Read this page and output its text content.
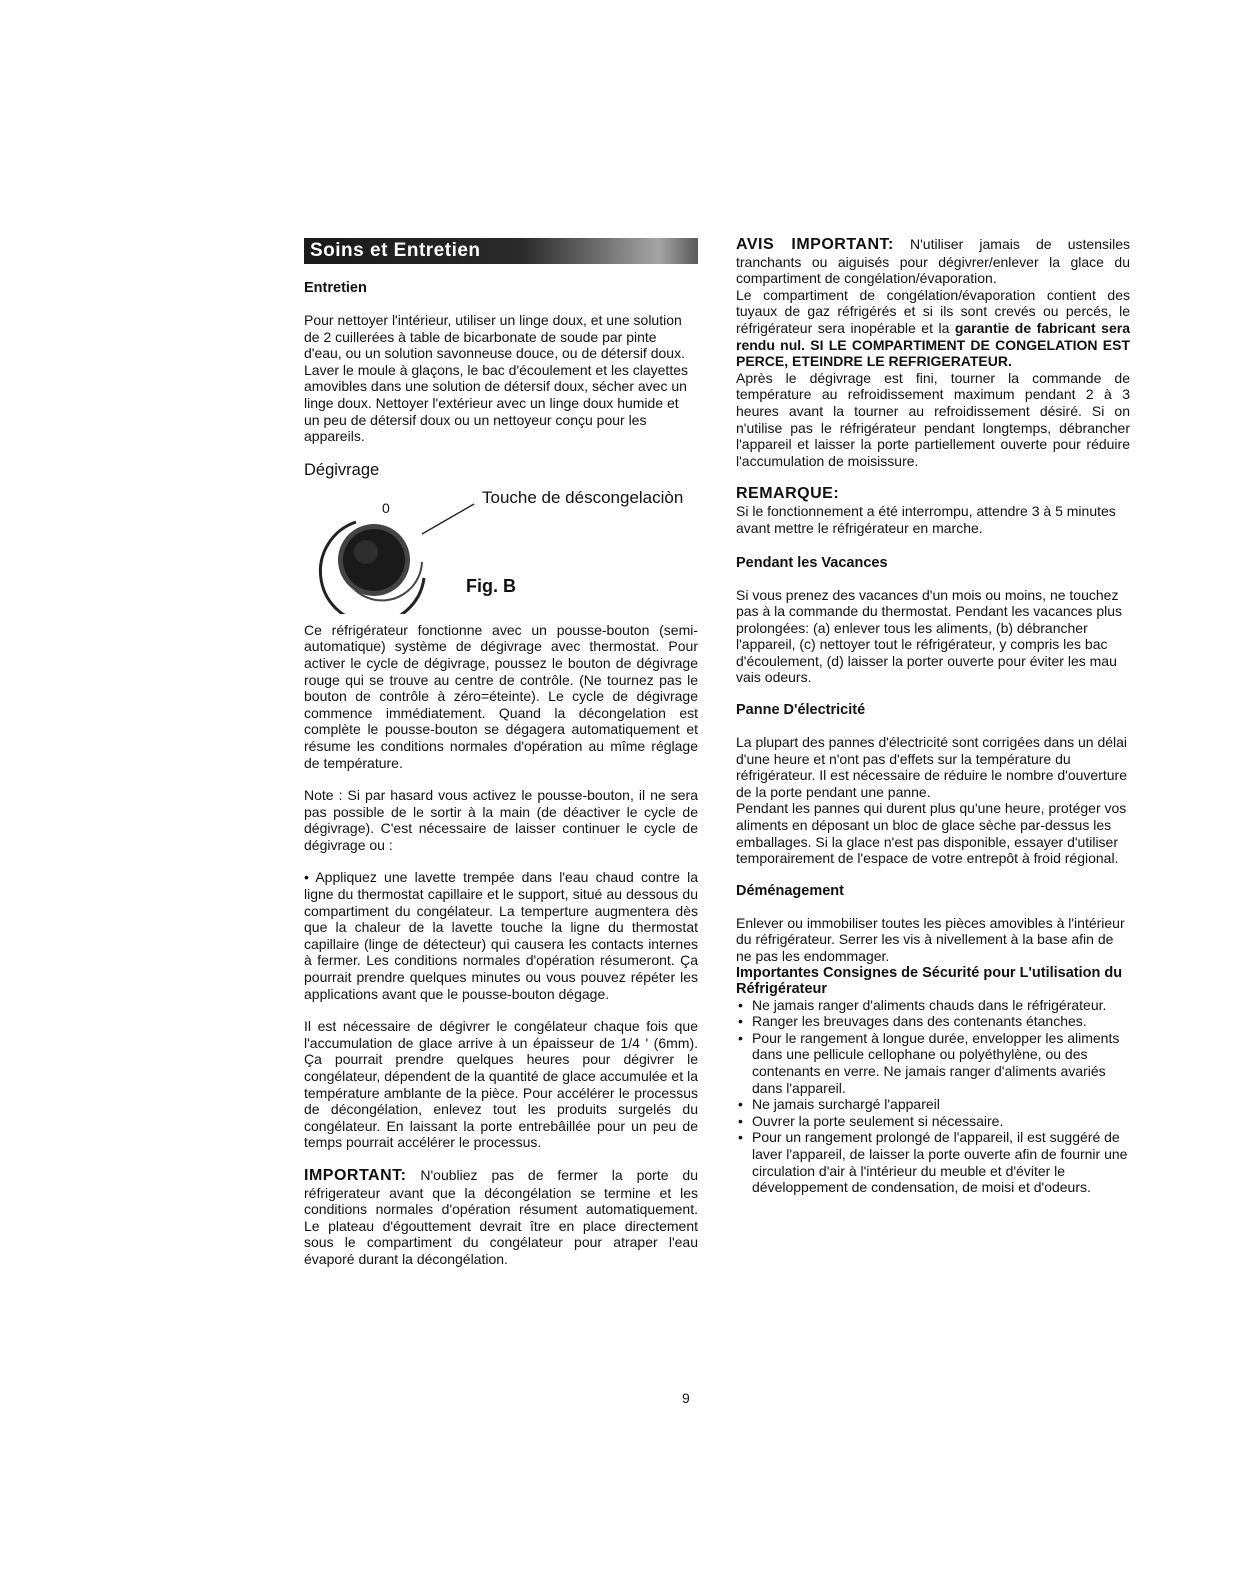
Soins et Entretien
Entretien

Pour nettoyer l'intérieur, utiliser un linge doux, et une solution de 2 cuillerées à table de bicarbonate de soude par pinte d'eau, ou un solution savonneuse douce, ou de détersif doux. Laver le moule à glaçons, le bac d'écoulement et les clayettes amovibles dans une solution de détersif doux, sécher avec un linge doux. Nettoyer l'extérieur avec un linge doux humide et un peu de détersif doux ou un nettoyeur conçu pour les appareils.

Dégivrage
0
Touche de déscongelaciòn
Fig. B

Ce réfrigérateur fonctionne avec un pousse-bouton (semi-automatique) système de dégivrage avec thermostat. Pour activer le cycle de dégivrage, poussez le bouton de dégivrage rouge qui se trouve au centre de contrôle. (Ne tournez pas le bouton de contrôle à zéro=éteinte). Le cycle de dégivrage commence immédiatement. Quand la décongelation est complète le pousse-bouton se dégagera automatiquement et résume les conditions normales d'opération au mîme réglage de température.

Note : Si par hasard vous activez le pousse-bouton, il ne sera pas possible de le sortir à la main (de déactiver le cycle de dégivrage). C'est nécessaire de laisser continuer le cycle de dégivrage ou :

• Appliquez une lavette trempée dans l'eau chaud contre la ligne du thermostat capillaire et le support, situé au dessous du compartiment du congélateur. La temperture augmentera dès que la chaleur de la lavette touche la ligne du thermostat capillaire (linge de détecteur) qui causera les contacts internes à fermer. Les conditions normales d'opération résumeront. Ça pourrait prendre quelques minutes ou vous pouvez répéter les applications avant que le pousse-bouton dégage.

Il est nécessaire de dégivrer le congélateur chaque fois que l'accumulation de glace arrive à un épaisseur de 1/4 ' (6mm). Ça pourrait prendre quelques heures pour dégivrer le congélateur, dépendent de la quantité de glace accumulée et la température amblante de la pièce. Pour accélérer le processus de décongélation, enlevez tout les produits surgelés du congélateur. En laissant la porte entrebâillée pour un peu de temps pourrait accélérer le processus.

IMPORTANT: N'oubliez pas de fermer la porte du réfrigerateur avant que la décongélation se termine et les conditions normales d'opération résument automatiquement. Le plateau d'égouttement devrait ître en place directement sous le compartiment du congélateur pour atraper l'eau évaporé durant la décongélation.

AVIS IMPORTANT: N'utiliser jamais de ustensiles tranchants ou aiguisés pour dégivrer/enlever la glace du compartiment de congélation/évaporation.

Le compartiment de congélation/évaporation contient des tuyaux de gaz réfrigérés et si ils sont crevés ou percés, le réfrigérateur sera inopérable et la garantie de fabricant sera rendu nul. SI LE COMPARTIMENT DE CONGELATION EST PERCE, ETEINDRE LE REFRIGERATEUR.

Après le dégivrage est fini, tourner la commande de température au refroidissement maximum pendant 2 à 3 heures avant la tourner au refroidissement désiré. Si on n'utilise pas le réfrigérateur pendant longtemps, débrancher l'appareil et laisser la porte partiellement ouverte pour réduire l'accumulation de moisissure.

REMARQUE:

Si le fonctionnement a été interrompu, attendre 3 à 5 minutes avant mettre le réfrigérateur en marche.

Pendant les Vacances

Si vous prenez des vacances d'un mois ou moins, ne touchez pas à la commande du thermostat. Pendant les vacances plus prolongées: (a) enlever tous les aliments, (b) débrancher l'appareil, (c) nettoyer tout le réfrigérateur, y compris les bac d'écoulement, (d) laisser la porter ouverte pour éviter les mau vais odeurs.

Panne D'électricité

La plupart des pannes d'électricité sont corrigées dans un délai d'une heure et n'ont pas d'effets sur la température du réfrigérateur. Il est nécessaire de réduire le nombre d'ouverture de la porte pendant une panne.

Pendant les pannes qui durent plus qu'une heure, protéger vos aliments en déposant un bloc de glace sèche par-dessus les emballages. Si la glace n'est pas disponible, essayer d'utiliser temporairement de l'espace de votre entrepôt à froid régional.

Déménagement

Enlever ou immobiliser toutes les pièces amovibles à l'intérieur du réfrigérateur. Serrer les vis à nivellement à la base afin de ne pas les endommager.

Importantes Consignes de Sécurité pour L'utilisation du Réfrigérateur
• Ne jamais ranger d'aliments chauds dans le réfrigérateur.
• Ranger les breuvages dans des contenants étanches.
• Pour le rangement à longue durée, envelopper les aliments dans une pellicule cellophane ou polyéthylène, ou des contenants en verre. Ne jamais ranger d'aliments avariés dans l'appareil.
• Ne jamais surchargé l'appareil
• Ouvrer la porte seulement si nécessaire.
• Pour un rangement prolongé de l'appareil, il est suggéré de laver l'appareil, de laisser la porte ouverte afin de fournir une circulation d'air à l'intérieur du meuble et d'éviter le développement de condensation, de moisi et d'odeurs.
9
